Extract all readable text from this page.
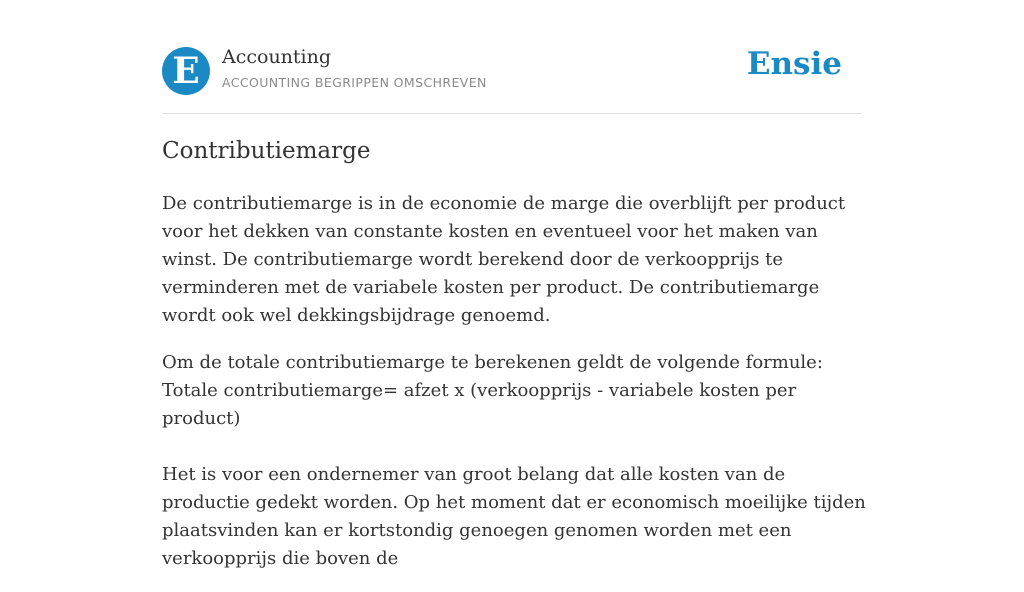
E	Accounting
ACCOUNTING BEGRIPPEN OMSCHREVEN
Ensie
Contributiemarge

De contributiemarge is in de economie de marge die overblijft per product voor het dekken van constante kosten en eventueel voor het maken van winst. De contributiemarge wordt berekend door de verkoopprijs te verminderen met de variabele kosten per product. De contributiemarge wordt ook wel dekkingsbijdrage genoemd.

Om de totale contributiemarge te berekenen geldt de volgende formule:
Totale contributiemarge= afzet x (verkoopprijs - variabele kosten per product)
Het is voor een ondernemer van groot belang dat alle kosten van de productie gedekt worden. Op het moment dat er economisch moeilijke tijden plaatsvinden kan er kortstondig genoegen genomen worden met een verkoopprijs die boven de
